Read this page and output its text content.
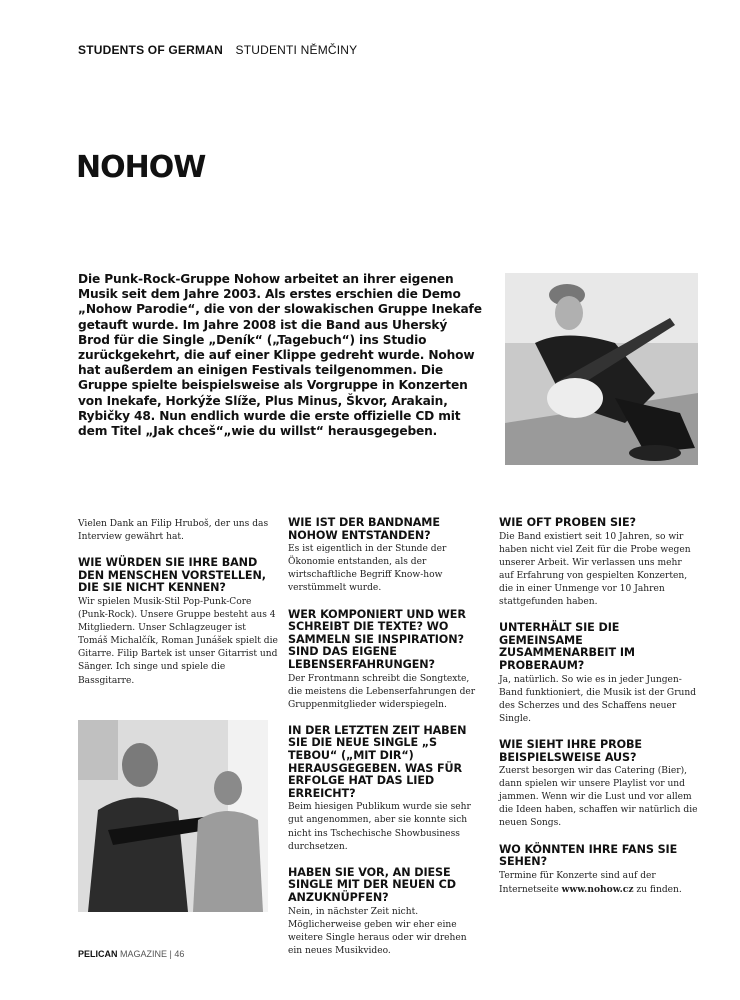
STUDENTS OF GERMAN STUDENTI NĚMČINY
NOHOW

Die Punk-Rock-Gruppe Nohow arbeitet an ihrer eigenen Musik seit dem Jahre 2003. Als erstes erschien die Demo „Nohow Parodie“, die von der slowakischen Gruppe Inekafe getauft wurde. Im Jahre 2008 ist die Band aus Uherský Brod für die Single „Deník“ („Tagebuch“) ins Studio zurückgekehrt, die auf einer Klippe gedreht wurde. Nohow hat außerdem an einigen Festivals teilgenommen. Die Gruppe spielte beispielsweise als Vorgruppe in Konzerten von Inekafe, Horkýže Slíže, Plus Minus, Škvor, Arakain, Rybičky 48. Nun endlich wurde die erste offizielle CD mit dem Titel „Jak chceš“„wie du willst“ herausgegeben.

Vielen Dank an Filip Hruboš, der uns das Interview gewährt hat.

WIE WÜRDEN SIE IHRE BAND DEN MENSCHEN VORSTELLEN, DIE SIE NICHT KENNEN?

Wir spielen Musik-Stil Pop-Punk-Core (Punk-Rock). Unsere Gruppe besteht aus 4 Mitgliedern. Unser Schlagzeuger ist Tomáš Michalčík, Roman Junášek spielt die Gitarre. Filip Bartek ist unser Gitarrist und Sänger. Ich singe und spiele die Bassgitarre.

WIE IST DER BANDNAME NOHOW ENTSTANDEN?

Es ist eigentlich in der Stunde der Ökonomie entstanden, als der wirtschaftliche Begriff Know-how verstümmelt wurde.

WER KOMPONIERT UND WER SCHREIBT DIE TEXTE? WO SAMMELN SIE INSPIRATION? SIND DAS EIGENE LEBENSERFAHRUNGEN?

Der Frontmann schreibt die Songtexte, die meistens die Lebenserfahrungen der Gruppenmitglieder widerspiegeln.

IN DER LETZTEN ZEIT HABEN SIE DIE NEUE SINGLE „S TEBOU“ („MIT DIR“) HERAUSGEGEBEN. WAS FÜR ERFOLGE HAT DAS LIED ERREICHT?

Beim hiesigen Publikum wurde sie sehr gut angenommen, aber sie konnte sich nicht ins Tschechische Showbusiness durchsetzen.

HABEN SIE VOR, AN DIESE SINGLE MIT DER NEUEN CD ANZUKNÜPFEN?

Nein, in nächster Zeit nicht. Möglicherweise geben wir eher eine weitere Single heraus oder wir drehen ein neues Musikvideo.

WIE OFT PROBEN SIE?

Die Band existiert seit 10 Jahren, so wir haben nicht viel Zeit für die Probe wegen unserer Arbeit. Wir verlassen uns mehr auf Erfahrung von gespielten Konzerten, die in einer Unmenge vor 10 Jahren stattgefunden haben.

UNTERHÄLT SIE DIE GEMEINSAME ZUSAMMENARBEIT IM PROBERAUM?

Ja, natürlich. So wie es in jeder Jungen-Band funktioniert, die Musik ist der Grund des Scherzes und des Schaffens neuer Single.

WIE SIEHT IHRE PROBE BEISPIELSWEISE AUS?

Zuerst besorgen wir das Catering (Bier), dann spielen wir unsere Playlist vor und jammen. Wenn wir die Lust und vor allem die Ideen haben, schaffen wir natürlich die neuen Songs.

WO KÖNNTEN IHRE FANS SIE SEHEN?

Termine für Konzerte sind auf der Internetseite www.nohow.cz zu finden.

PELICAN MAGAZINE | 46
